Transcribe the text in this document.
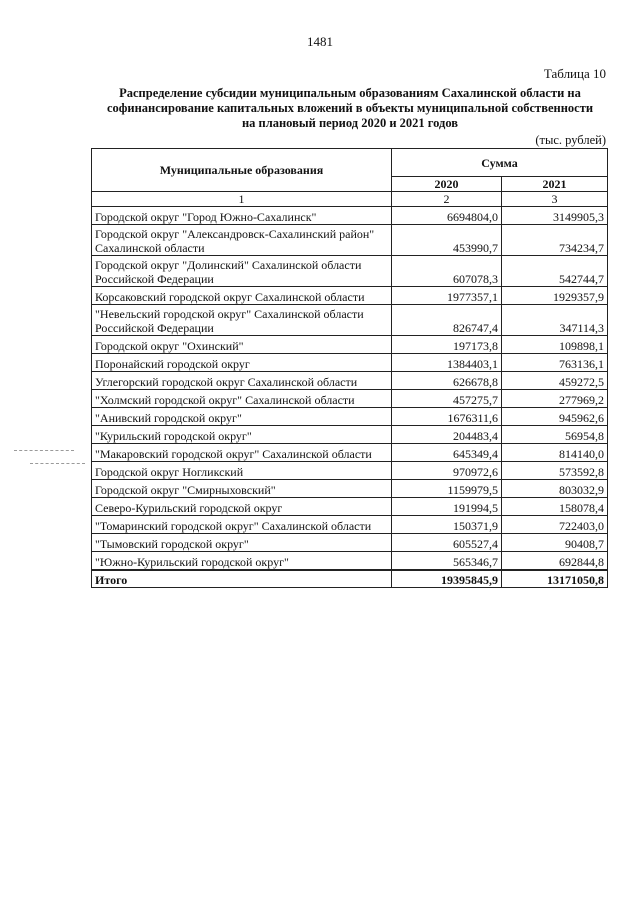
1481
Таблица 10
Распределение субсидии муниципальным образованиям Сахалинской области на
софинансирование капитальных вложений в объекты муниципальной собственности
на плановый период 2020 и 2021 годов
(тыс. рублей)
Муниципальные образования	Сумма	
	2020	2021
1	2	3
Городской округ "Город Южно-Сахалинск"	6694804,0	3149905,3
Городской округ "Александровск-Сахалинский район" Сахалинской области	453990,7	734234,7
Городской округ "Долинский" Сахалинской области Российской Федерации	607078,3	542744,7
Корсаковский городской округ Сахалинской области	1977357,1	1929357,9
"Невельский городской округ" Сахалинской области Российской Федерации	826747,4	347114,3
Городской округ "Охинский"	197173,8	109898,1
Поронайский городской округ	1384403,1	763136,1
Углегорский городской округ Сахалинской области	626678,8	459272,5
"Холмский городской округ" Сахалинской области	457275,7	277969,2
"Анивский городской округ"	1676311,6	945962,6
"Курильский городской округ"	204483,4	56954,8
"Макаровский городской округ" Сахалинской области	645349,4	814140,0
Городской округ Ногликский	970972,6	573592,8
Городской округ "Смирныховский"	1159979,5	803032,9
Северо-Курильский городской округ	191994,5	158078,4
"Томаринский городской округ" Сахалинской области	150371,9	722403,0
"Тымовский городской округ"	605527,4	90408,7
"Южно-Курильский городской округ"	565346,7	692844,8
Итого	19395845,9	13171050,8
